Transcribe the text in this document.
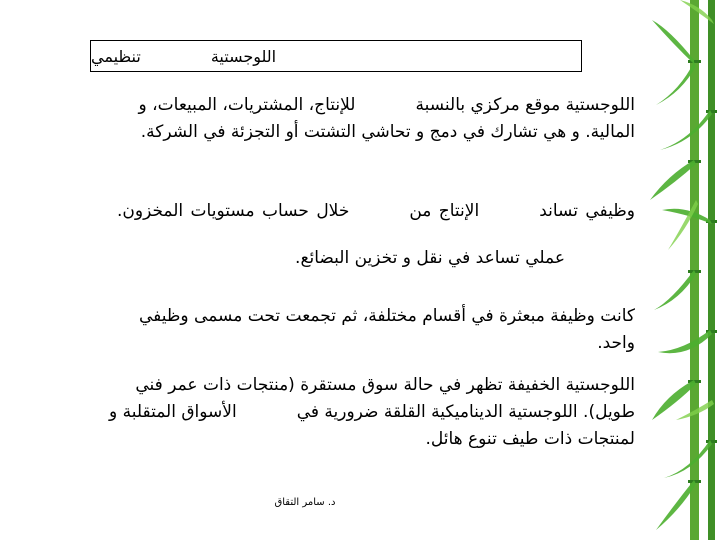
اللوجستية
تنظيمي
اللوجستية موقع مركزي بالنسبةللإنتاج، المشتريات، المبيعات، و
المالية. و هي تشارك في دمج و تحاشي التشتت أو التجزئة في الشركة.
وظيفي تساندالإنتاج منخلال حساب مستويات المخزون.
عملي تساعد في نقل و تخزين البضائع.
كانت وظيفة مبعثرة في أقسام مختلفة، ثم تجمعت تحت مسمى وظيفي
واحد.
اللوجستية الخفيفة تظهر في حالة سوق مستقرة (منتجات ذات عمر فني
طويل). اللوجستية الديناميكية القلقة ضرورية فيالأسواق المتقلبة و
لمنتجات ذات طيف تنوع هائل.
د. سامر التقاق
